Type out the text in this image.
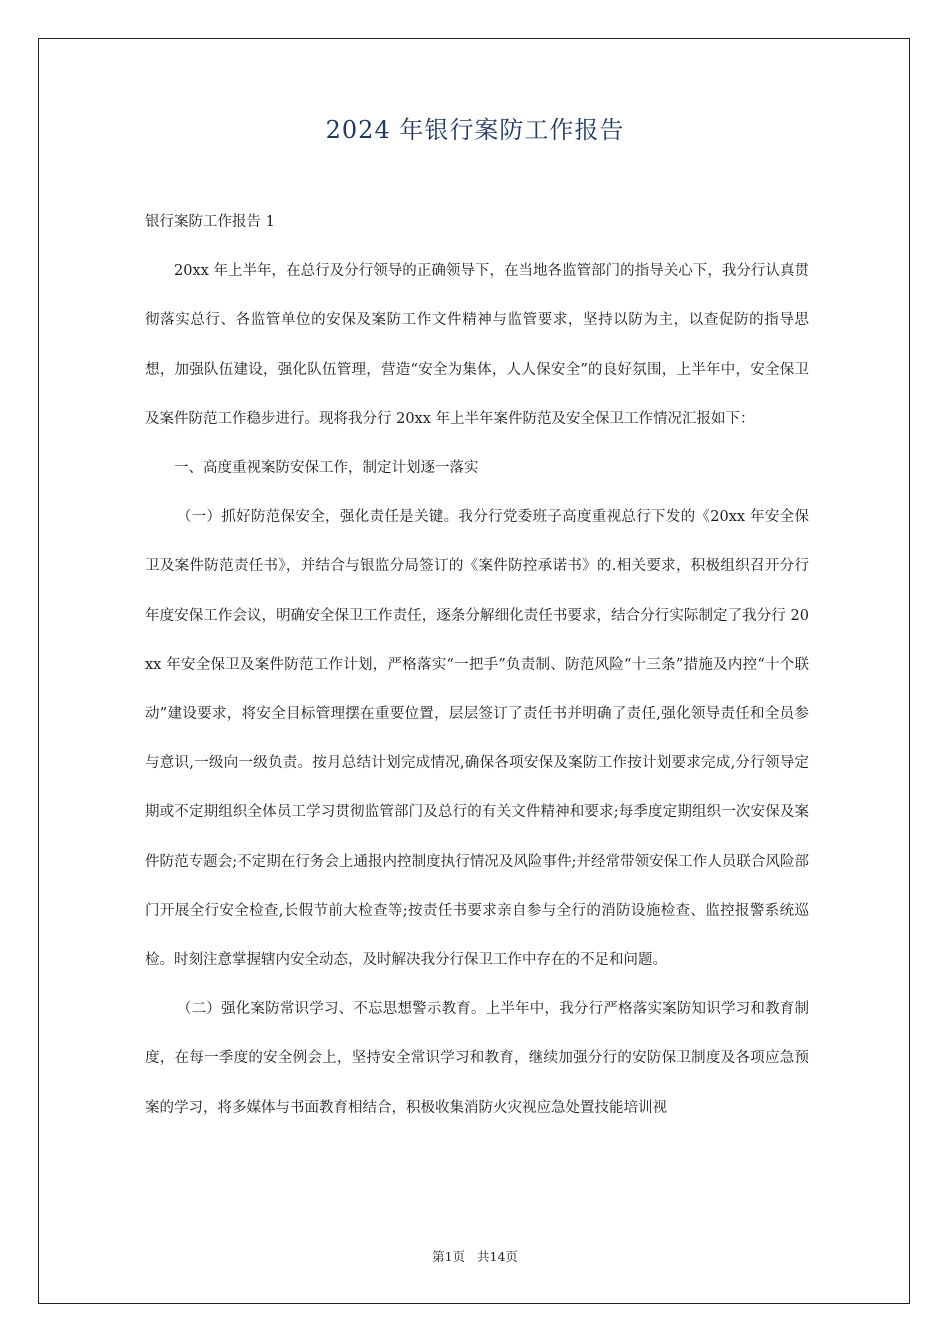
2024 年银行案防工作报告

银行案防工作报告 1

20xx 年上半年，在总行及分行领导的正确领导下，在当地各监管部门的指导关心下，我分行认真贯彻落实总行、各监管单位的安保及案防工作文件精神与监管要求，坚持以防为主，以查促防的指导思想，加强队伍建设，强化队伍管理，营造“安全为集体，人人保安全”的良好氛围，上半年中，安全保卫及案件防范工作稳步进行。现将我分行 20xx 年上半年案件防范及安全保卫工作情况汇报如下：

一、高度重视案防安保工作，制定计划逐一落实

（一）抓好防范保安全，强化责任是关键。我分行党委班子高度重视总行下发的《20xx 年安全保卫及案件防范责任书》，并结合与银监分局签订的《案件防控承诺书》的.相关要求，积极组织召开分行年度安保工作会议，明确安全保卫工作责任，逐条分解细化责任书要求，结合分行实际制定了我分行 20xx 年安全保卫及案件防范工作计划，严格落实“一把手”负责制、防范风险“十三条”措施及内控“十个联动”建设要求，将安全目标管理摆在重要位置，层层签订了责任书并明确了责任,强化领导责任和全员参与意识,一级向一级负责。按月总结计划完成情况,确保各项安保及案防工作按计划要求完成,分行领导定期或不定期组织全体员工学习贯彻监管部门及总行的有关文件精神和要求;每季度定期组织一次安保及案件防范专题会;不定期在行务会上通报内控制度执行情况及风险事件;并经常带领安保工作人员联合风险部门开展全行安全检查,长假节前大检查等;按责任书要求亲自参与全行的消防设施检查、监控报警系统巡检。时刻注意掌握辖内安全动态，及时解决我分行保卫工作中存在的不足和问题。

（二）强化案防常识学习、不忘思想警示教育。上半年中，我分行严格落实案防知识学习和教育制度，在每一季度的安全例会上，坚持安全常识学习和教育，继续加强分行的安防保卫制度及各项应急预案的学习，将多媒体与书面教育相结合，积极收集消防火灾视应急处置技能培训视

第1页 共14页
